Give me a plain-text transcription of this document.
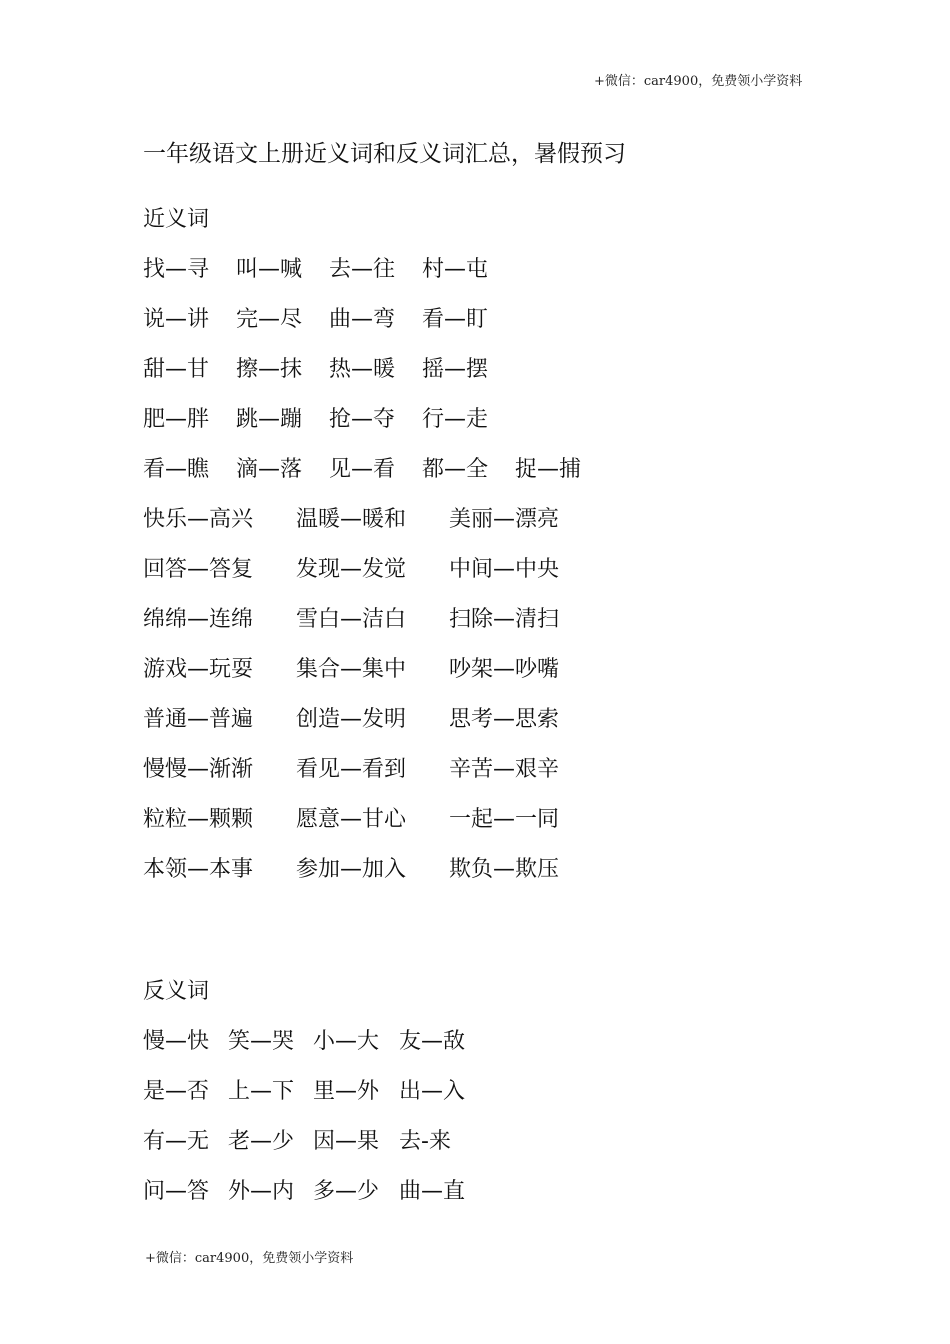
+微信：car4900，免费领小学资料
一年级语文上册近义词和反义词汇总，暑假预习
近义词
找—寻 叫—喊 去—往 村—屯
说—讲 完—尽 曲—弯 看—盯
甜—甘 擦—抹 热—暖 摇—摆
肥—胖 跳—蹦 抢—夺 行—走
看—瞧 滴—落 见—看 都—全 捉—捕
快乐—高兴 温暖—暖和 美丽—漂亮
回答—答复 发现—发觉 中间—中央
绵绵—连绵 雪白—洁白 扫除—清扫
游戏—玩耍 集合—集中 吵架—吵嘴
普通—普遍 创造—发明 思考—思索
慢慢—渐渐 看见—看到 辛苦—艰辛
粒粒—颗颗 愿意—甘心 一起—一同
本领—本事 参加—加入 欺负—欺压
反义词
慢—快 笑—哭 小—大 友—敌
是—否 上—下 里—外 出—入
有—无 老—少 因—果 去-来
问—答 外—内 多—少 曲—直
+微信：car4900，免费领小学资料
